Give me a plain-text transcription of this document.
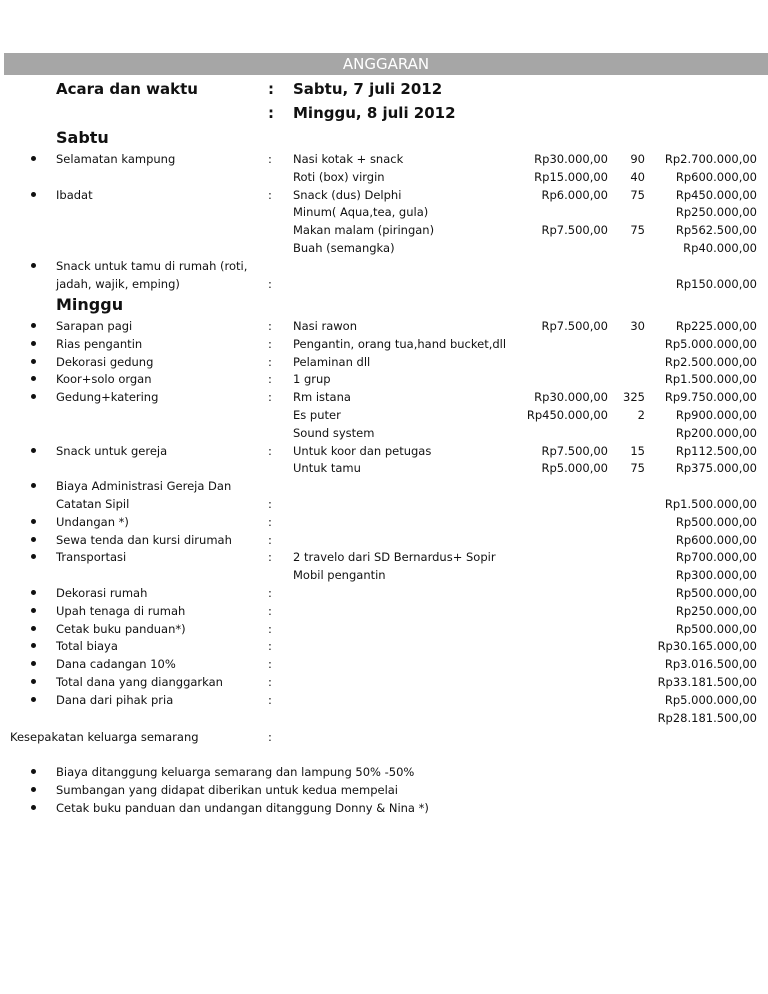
ANGGARAN
Acara dan waktu	: Sabtu, 7 juli 2012
: Minggu, 8 juli 2012
Sabtu
Selamatan kampung	: Nasi kotak + snack	Rp30.000,00 90 Rp2.700.000,00
Roti (box) virgin	Rp15.000,00 40	Rp600.000,00
Ibadat	: Snack (dus) Delphi	Rp6.000,00 75	Rp450.000,00
Minum( Aqua,tea, gula)	Rp250.000,00
Makan malam (piringan)	Rp7.500,00 75	Rp562.500,00
Buah (semangka)	Rp40.000,00
Snack untuk tamu di rumah (roti,
jadah, wajik, emping)	:	Rp150.000,00
Minggu
Sarapan pagi	: Nasi rawon	Rp7.500,00 30	Rp225.000,00
Rias pengantin	: Pengantin, orang tua,hand bucket,dll	Rp5.000.000,00
Dekorasi gedung	: Pelaminan dll	Rp2.500.000,00
Koor+solo organ	: 1 grup	Rp1.500.000,00
Gedung+katering	: Rm istana	Rp30.000,00 325 Rp9.750.000,00
Es puter	Rp450.000,00	2	Rp900.000,00
Sound system	Rp200.000,00
Snack untuk gereja	: Untuk koor dan petugas	Rp7.500,00 15	Rp112.500,00
Untuk tamu	Rp5.000,00 75	Rp375.000,00
Biaya Administrasi Gereja Dan
Catatan Sipil	:	Rp1.500.000,00
Undangan *)	:	Rp500.000,00
Sewa tenda dan kursi dirumah	:	Rp600.000,00
Transportasi	: 2 travelo dari SD Bernardus+ Sopir	Rp700.000,00
Mobil pengantin	Rp300.000,00
Dekorasi rumah	:	Rp500.000,00
Upah tenaga di rumah	:	Rp250.000,00
Cetak buku panduan*)	:	Rp500.000,00
Total biaya	:	Rp30.165.000,00
Dana cadangan 10%	:	Rp3.016.500,00
Total dana yang dianggarkan	:	Rp33.181.500,00
Dana dari pihak pria	:	Rp5.000.000,00
Rp28.181.500,00
Kesepakatan keluarga semarang	:
Biaya ditanggung keluarga semarang dan lampung 50% -50%
Sumbangan yang didapat diberikan untuk kedua mempelai
Cetak buku panduan dan undangan ditanggung Donny & Nina *)
